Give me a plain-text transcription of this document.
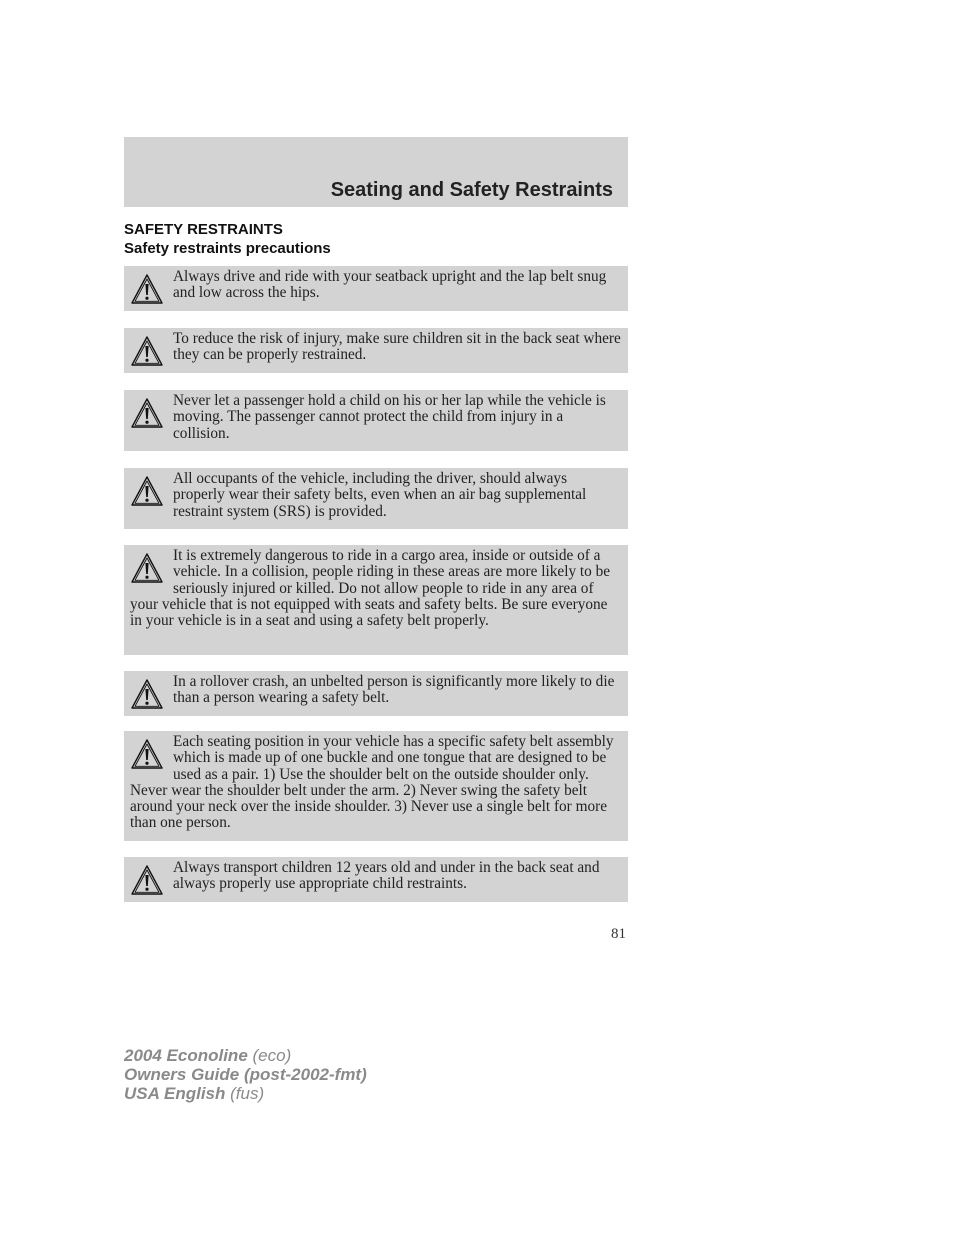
Seating and Safety Restraints
SAFETY RESTRAINTS
Safety restraints precautions

Always drive and ride with your seatback upright and the lap belt snug and low across the hips.

To reduce the risk of injury, make sure children sit in the back seat where they can be properly restrained.

Never let a passenger hold a child on his or her lap while the vehicle is moving. The passenger cannot protect the child from injury in a collision.

All occupants of the vehicle, including the driver, should always properly wear their safety belts, even when an air bag supplemental restraint system (SRS) is provided.

It is extremely dangerous to ride in a cargo area, inside or outside of a vehicle. In a collision, people riding in these areas are more likely to be seriously injured or killed. Do not allow people to ride in any area of your vehicle that is not equipped with seats and safety belts. Be sure everyone in your vehicle is in a seat and using a safety belt properly.

In a rollover crash, an unbelted person is significantly more likely to die than a person wearing a safety belt.

Each seating position in your vehicle has a specific safety belt assembly which is made up of one buckle and one tongue that are designed to be used as a pair. 1) Use the shoulder belt on the outside shoulder only. Never wear the shoulder belt under the arm. 2) Never swing the safety belt around your neck over the inside shoulder. 3) Never use a single belt for more than one person.

Always transport children 12 years old and under in the back seat and always properly use appropriate child restraints.

81
2004 Econoline (eco)
Owners Guide (post-2002-fmt)
USA English (fus)
